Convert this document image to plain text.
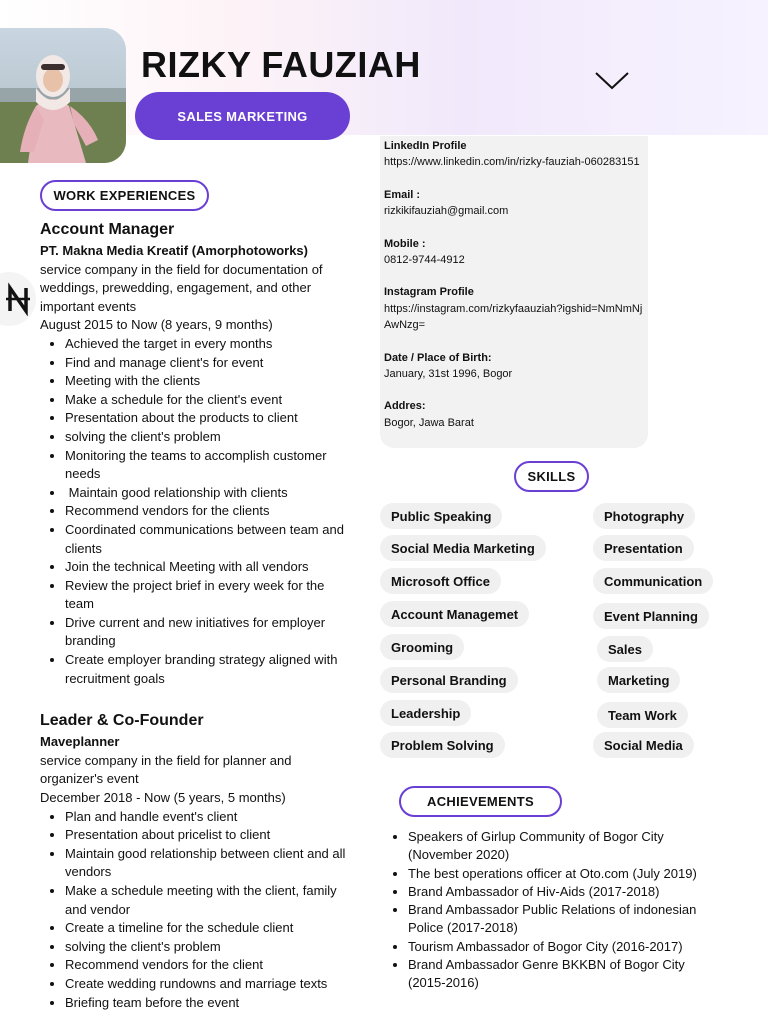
RIZKY FAUZIAH
SALES MARKETING
WORK EXPERIENCES
Account Manager
PT. Makna Media Kreatif (Amorphotoworks)
service company in the field for documentation of weddings, prewedding, engagement, and other important events
August 2015 to Now (8 years, 9 months)
• Achieved the target in every months
• Find and manage client's for event
• Meeting with the clients
• Make a schedule for the client's event
• Presentation about the products to client
• solving the client's problem
• Monitoring the teams to accomplish customer needs
•  Maintain good relationship with clients
• Recommend vendors for the clients
• Coordinated communications between team and clients
• Join the technical Meeting with all vendors
• Review the project brief in every week for the team
• Drive current and new initiatives for employer branding
• Create employer branding strategy aligned with recruitment goals
Leader & Co-Founder
Maveplanner
service company in the field for planner and organizer's event
December 2018 - Now (5 years, 5 months)
• Plan and handle event's client
• Presentation about pricelist to client
• Maintain good relationship between client and all vendors
• Make a schedule meeting with the client, family and vendor
• Create a timeline for the schedule client
• solving the client's problem
• Recommend vendors for the client
• Create wedding rundowns and marriage texts
• Briefing team before the event
LinkedIn Profile
https://www.linkedin.com/in/rizky-fauziah-060283151
Email :
rizkikifauziah@gmail.com
Mobile :
0812-9744-4912
Instagram Profile
https://instagram.com/rizkyfaauziah?igshid=NmNmNjAwNzg=
Date / Place of Birth:
January, 31st 1996, Bogor
Addres:
Bogor, Jawa Barat
SKILLS
Public Speaking
Social Media Marketing
Microsoft Office
Account Managemet
Grooming
Personal Branding
Leadership
Problem Solving
Photography
Presentation
Communication
Event Planning
Sales
Marketing
Team Work
Social Media
ACHIEVEMENTS
• Speakers of Girlup Community of Bogor City (November 2020)
• The best operations officer at Oto.com (July 2019)
• Brand Ambassador of Hiv-Aids (2017-2018)
• Brand Ambassador Public Relations of indonesian Police (2017-2018)
• Tourism Ambassador of Bogor City (2016-2017)
• Brand Ambassador Genre BKKBN of Bogor City (2015-2016)
